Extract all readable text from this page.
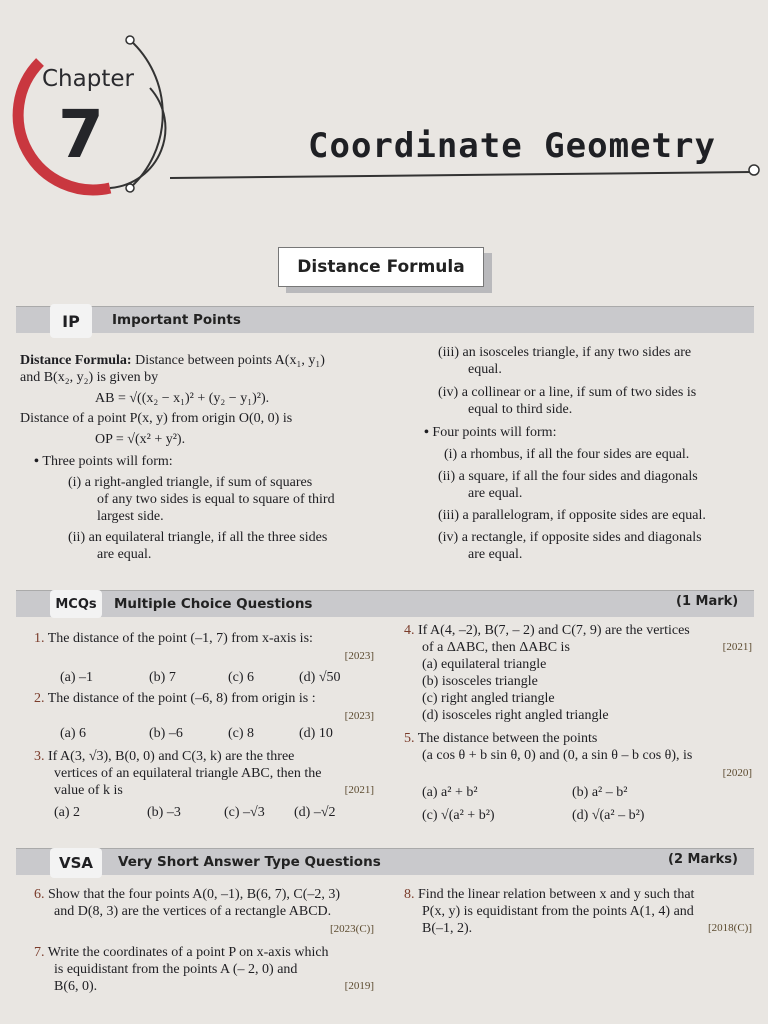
Chapter
7	Coordinate Geometry
Distance Formula
IP	Important Points
Distance Formula: Distance between points A(x₁, y₁)
and B(x₂, y₂) is given by
AB = √((x₂ − x₁)² + (y₂ − y₁)²).
Distance of a point P(x, y) from origin O(0, 0) is
OP = √(x² + y²).
• Three points will form:
(i) a right-angled triangle, if sum of squares
of any two sides is equal to square of third
largest side.
(ii) an equilateral triangle, if all the three sides
are equal.
(iii) an isosceles triangle, if any two sides are
equal.
(iv) a collinear or a line, if sum of two sides is
equal to third side.
• Four points will form:
(i) a rhombus, if all the four sides are equal.
(ii) a square, if all the four sides and diagonals
are equal.
(iii) a parallelogram, if opposite sides are equal.
(iv) a rectangle, if opposite sides and diagonals
are equal.
MCQs	Multiple Choice Questions	(1 Mark)
1. The distance of the point (–1, 7) from x-axis is:
[2023]
(a) –1	(b) 7	(c) 6	(d) √50
2. The distance of the point (–6, 8) from origin is :
[2023]
(a) 6	(b) –6	(c) 8	(d) 10
3. If A(3, √3), B(0, 0) and C(3, k) are the three
vertices of an equilateral triangle ABC, then the
value of k is	[2021]
(a) 2	(b) –3	(c) –√3	(d) –√2
4. If A(4, –2), B(7, – 2) and C(7, 9) are the vertices
of a ΔABC, then ΔABC is	[2021]
(a) equilateral triangle
(b) isosceles triangle
(c) right angled triangle
(d) isosceles right angled triangle
5. The distance between the points
(a cos θ + b sin θ, 0) and (0, a sin θ – b cos θ), is
[2020]
(a) a² + b²	(b) a² – b²
(c) √(a² + b²)	(d) √(a² – b²)
VSA	Very Short Answer Type Questions	(2 Marks)
6. Show that the four points A(0, –1), B(6, 7), C(–2, 3)
and D(8, 3) are the vertices of a rectangle ABCD.
[2023(C)]
7. Write the coordinates of a point P on x-axis which
is equidistant from the points A (– 2, 0) and
B(6, 0).	[2019]
8. Find the linear relation between x and y such that
P(x, y) is equidistant from the points A(1, 4) and
B(–1, 2).	[2018(C)]
